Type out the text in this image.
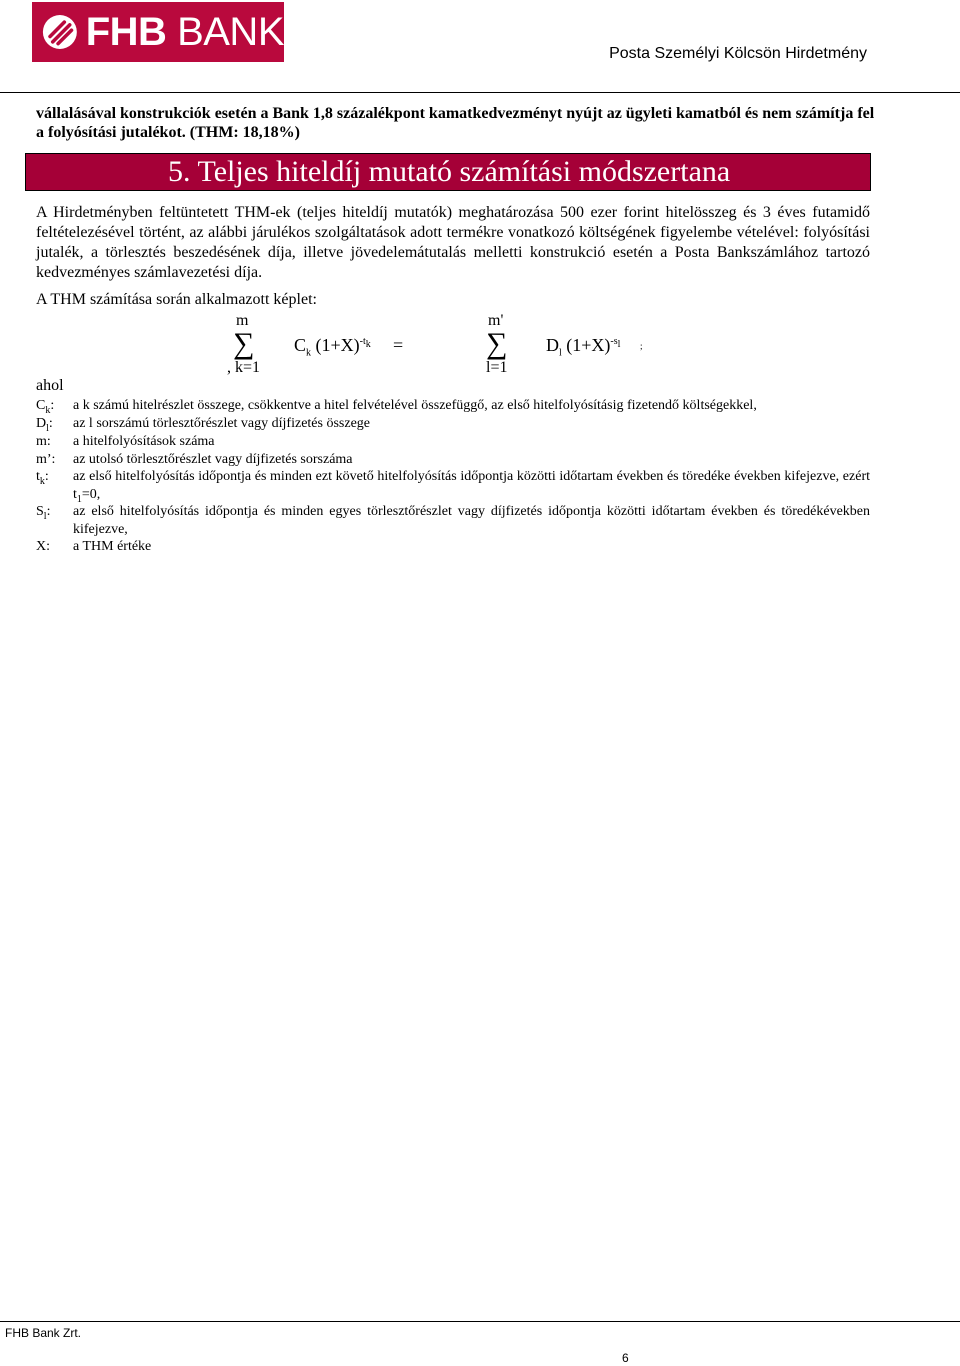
FHB BANK	Posta Személyi Kölcsön Hirdetmény
vállalásával konstrukciók esetén a Bank 1,8 százalékpont kamatkedvezményt nyújt az ügyleti kamatból és nem számítja fel a folyósítási jutalékot. (THM: 18,18%)
5. Teljes hiteldíj mutató számítási módszertana
A Hirdetményben feltüntetett THM-ek (teljes hiteldíj mutatók) meghatározása 500 ezer forint hitelösszeg és 3 éves futamidő feltételezésével történt, az alábbi járulékos szolgáltatások adott termékre vonatkozó költségének figyelembe vételével: folyósítási jutalék, a törlesztés beszedésének díja, illetve jövedelemátutalás melletti konstrukció esetén a Posta Bankszámlához tartozó kedvezményes számlavezetési díja.
A THM számítása során alkalmazott képlet:
m
∑
, k=1
$C_k$ $(1+X)^{-t_k}$ =
m'
∑
l=1
$D_l$ $(1+X)^{-s_l}$ ;
ahol
$C_k$:	a k számú hitelrészlet összege, csökkentve a hitel felvételével összefüggő, az első hitelfolyósításig fizetendő költségekkel,
$D_l$:	az l sorszámú törlesztőrészlet vagy díjfizetés összege
m:	a hitelfolyósítások száma
m’:	az utolsó törlesztőrészlet vagy díjfizetés sorszáma
$t_k$:	az első hitelfolyósítás időpontja és minden ezt követő hitelfolyósítás időpontja közötti időtartam években és töredéke években kifejezve, ezért $t_1=0$,
$S_l$:	az első hitelfolyósítás időpontja és minden egyes törlesztőrészlet vagy díjfizetés időpontja közötti időtartam években és töredékévekben kifejezve,
X:	a THM értéke
FHB Bank Zrt.
6
